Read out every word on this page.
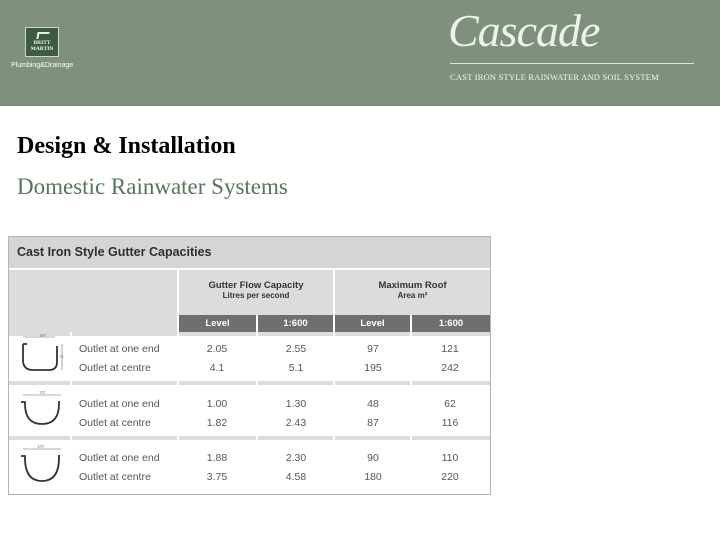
BRITT
MARTIN
Plumbing&Drainage
Cascade
CAST IRON STYLE RAINWATER AND SOIL SYSTEM
Design & Installation
Domestic Rainwater Systems
Cast Iron Style Gutter Capacities
Gutter Flow Capacity
Litres per second
Maximum Roof
Area m²
Level	1:600	Level	1:600
100
75
Outlet at one end	2.05	2.55	97	121
Outlet at centre	4.1	5.1	195	242
112
Outlet at one end	1.00	1.30	48	62
Outlet at centre	1.82	2.43	87	116
125
Outlet at one end	1.88	2.30	90	110
Outlet at centre	3.75	4.58	180	220
